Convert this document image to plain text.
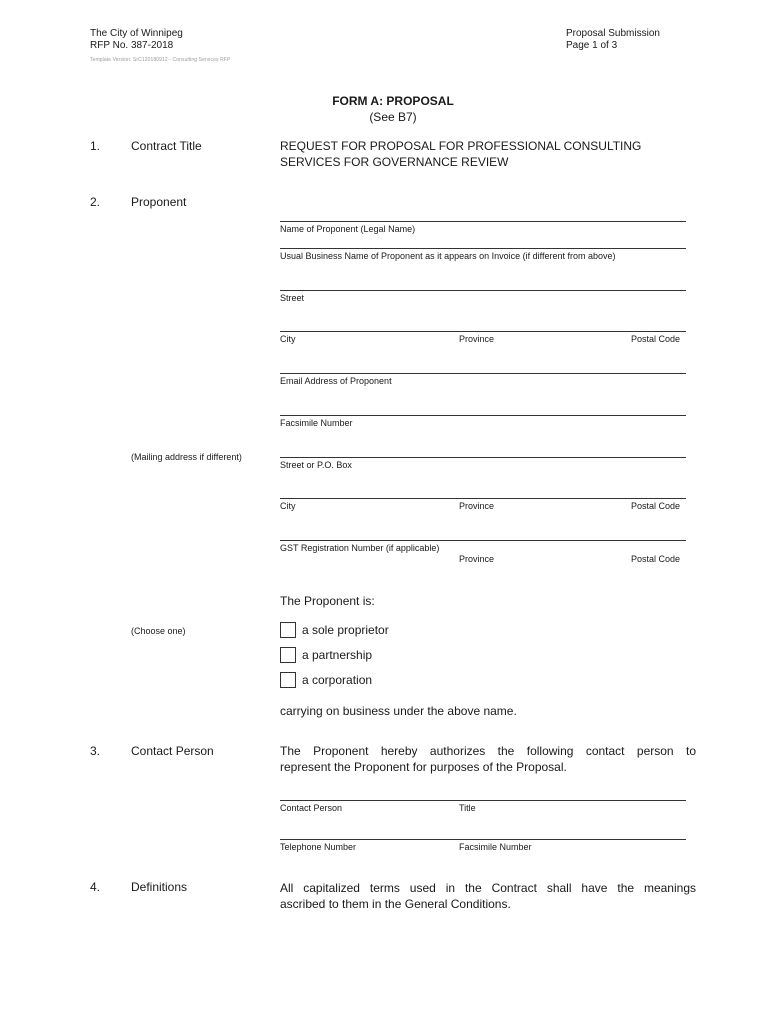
The City of Winnipeg
RFP No. 387-2018
Template Version: SrC120180912 - Consulting Services RFP
Proposal Submission
Page 1 of 3
FORM A: PROPOSAL
(See B7)
1.	Contract Title	REQUEST FOR PROPOSAL FOR PROFESSIONAL CONSULTING
SERVICES FOR GOVERNANCE REVIEW
2.	Proponent
Name of Proponent (Legal Name)
Usual Business Name of Proponent as it appears on Invoice (if different from above)
Street
City	Province	Postal Code
Email Address of Proponent
Facsimile Number
(Mailing address if different)
Street or P.O. Box
City	Province	Postal Code
GST Registration Number (if applicable)
Province	Postal Code
The Proponent is:
(Choose one)	a sole proprietor
a partnership
a corporation
carrying on business under the above name.
3.	Contact Person	The Proponent hereby authorizes the following contact person to
represent the Proponent for purposes of the Proposal.
Contact Person	Title
Telephone Number	Facsimile Number
4.	Definitions	All capitalized terms used in the Contract shall have the meanings
ascribed to them in the General Conditions.
